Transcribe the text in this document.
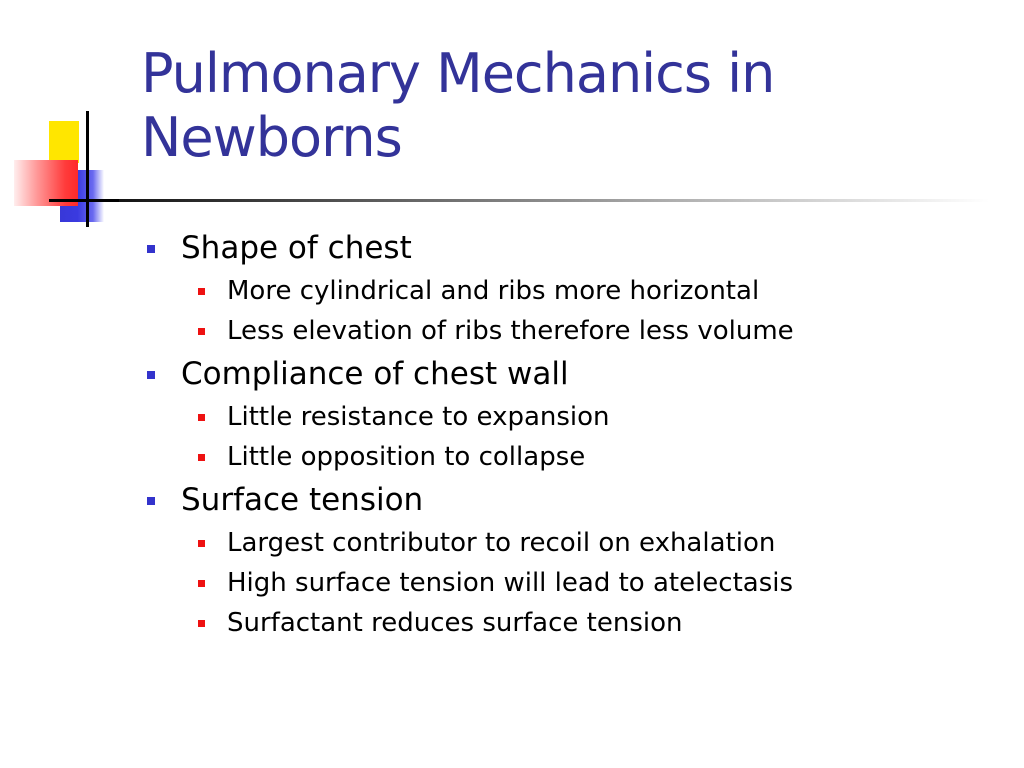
Pulmonary Mechanics in Newborns
Shape of chest
More cylindrical and ribs more horizontal
Less elevation of ribs therefore less volume
Compliance of chest wall
Little resistance to expansion
Little opposition to collapse
Surface tension
Largest contributor to recoil on exhalation
High surface tension will lead to atelectasis
Surfactant reduces surface tension
